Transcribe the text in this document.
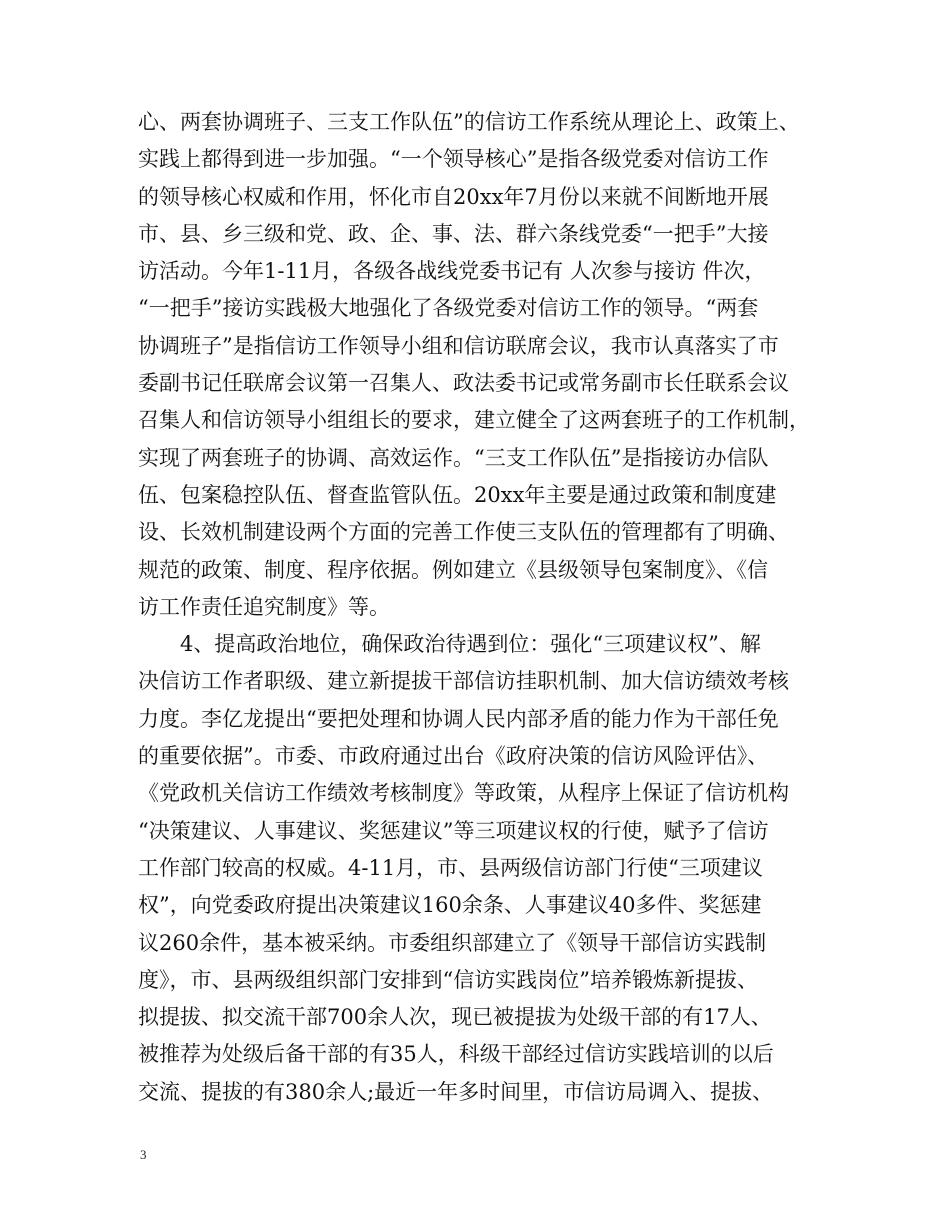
心、两套协调班子、三支工作队伍”的信访工作系统从理论上、政策上、
实践上都得到进一步加强。“一个领导核心”是指各级党委对信访工作
的领导核心权威和作用，怀化市自20xx年7月份以来就不间断地开展
市、县、乡三级和党、政、企、事、法、群六条线党委“一把手”大接
访活动。今年1-11月，各级各战线党委书记有 人次参与接访 件次，
“一把手”接访实践极大地强化了各级党委对信访工作的领导。“两套
协调班子”是指信访工作领导小组和信访联席会议，我市认真落实了市
委副书记任联席会议第一召集人、政法委书记或常务副市长任联系会议
召集人和信访领导小组组长的要求，建立健全了这两套班子的工作机制，
实现了两套班子的协调、高效运作。“三支工作队伍”是指接访办信队
伍、包案稳控队伍、督查监管队伍。20xx年主要是通过政策和制度建
设、长效机制建设两个方面的完善工作使三支队伍的管理都有了明确、
规范的政策、制度、程序依据。例如建立《县级领导包案制度》、《信
访工作责任追究制度》等。
4、提高政治地位，确保政治待遇到位：强化“三项建议权”、解
决信访工作者职级、建立新提拔干部信访挂职机制、加大信访绩效考核
力度。李亿龙提出“要把处理和协调人民内部矛盾的能力作为干部任免
的重要依据”。市委、市政府通过出台《政府决策的信访风险评估》、
《党政机关信访工作绩效考核制度》等政策，从程序上保证了信访机构
“决策建议、人事建议、奖惩建议”等三项建议权的行使，赋予了信访
工作部门较高的权威。4-11月，市、县两级信访部门行使“三项建议
权”，向党委政府提出决策建议160余条、人事建议40多件、奖惩建
议260余件，基本被采纳。市委组织部建立了《领导干部信访实践制
度》，市、县两级组织部门安排到“信访实践岗位”培养锻炼新提拔、
拟提拔、拟交流干部700余人次，现已被提拔为处级干部的有17人、
被推荐为处级后备干部的有35人，科级干部经过信访实践培训的以后
交流、提拔的有380余人;最近一年多时间里，市信访局调入、提拔、
3
